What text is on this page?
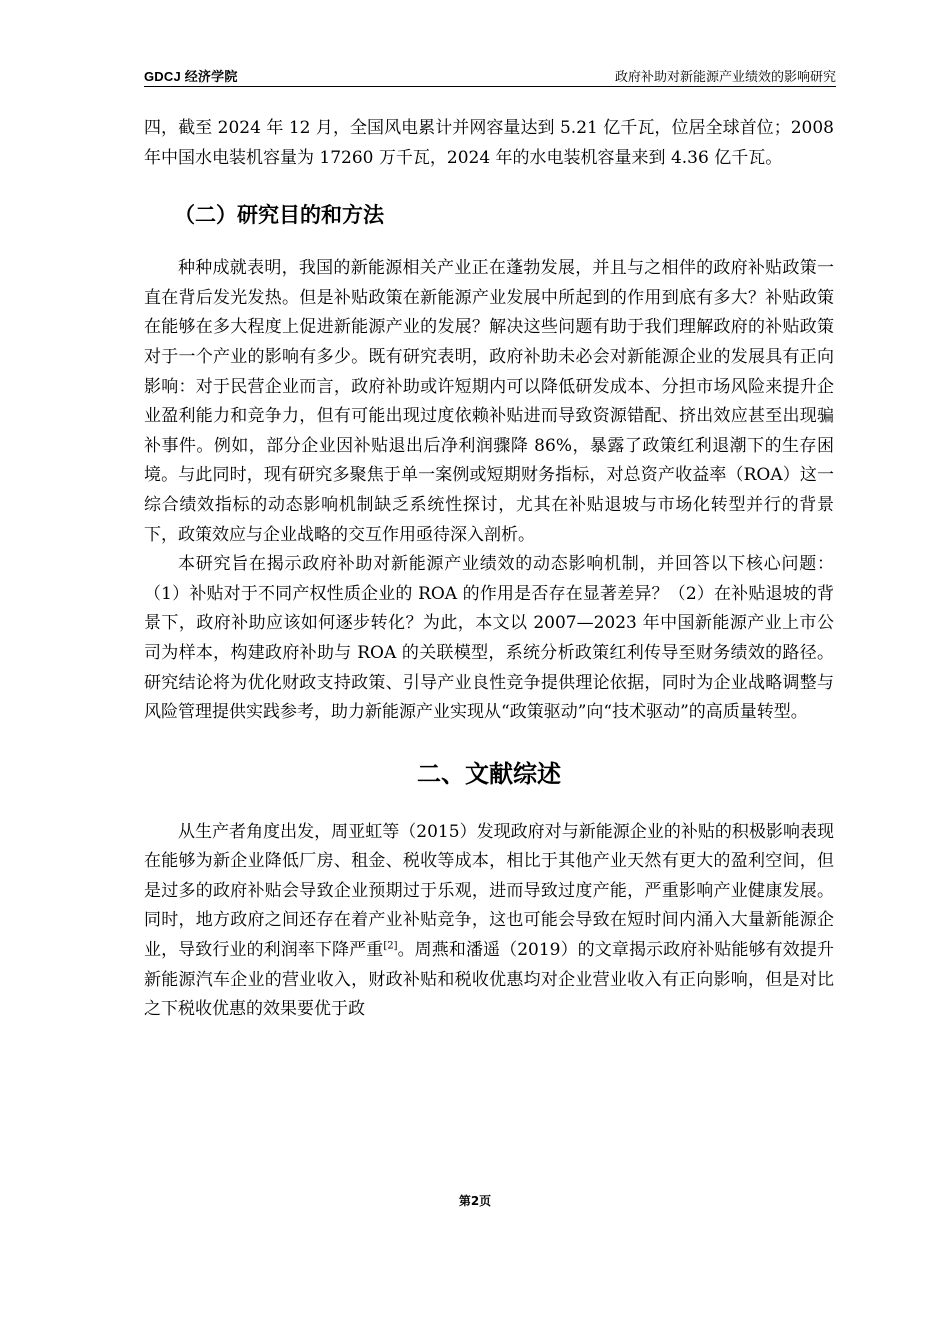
GDCJ 经济学院	政府补助对新能源产业绩效的影响研究

四，截至 2024 年 12 月，全国风电累计并网容量达到 5.21 亿千瓦，位居全球首位；2008 年中国水电装机容量为 17260 万千瓦，2024 年的水电装机容量来到 4.36 亿千瓦。

（二）研究目的和方法

种种成就表明，我国的新能源相关产业正在蓬勃发展，并且与之相伴的政府补贴政策一直在背后发光发热。但是补贴政策在新能源产业发展中所起到的作用到底有多大？补贴政策在能够在多大程度上促进新能源产业的发展？解决这些问题有助于我们理解政府的补贴政策对于一个产业的影响有多少。既有研究表明，政府补助未必会对新能源企业的发展具有正向影响：对于民营企业而言，政府补助或许短期内可以降低研发成本、分担市场风险来提升企业盈利能力和竞争力，但有可能出现过度依赖补贴进而导致资源错配、挤出效应甚至出现骗补事件。例如，部分企业因补贴退出后净利润骤降 86%，暴露了政策红利退潮下的生存困境。与此同时，现有研究多聚焦于单一案例或短期财务指标，对总资产收益率（ROA）这一综合绩效指标的动态影响机制缺乏系统性探讨，尤其在补贴退坡与市场化转型并行的背景下，政策效应与企业战略的交互作用亟待深入剖析。

本研究旨在揭示政府补助对新能源产业绩效的动态影响机制，并回答以下核心问题：（1）补贴对于不同产权性质企业的 ROA 的作用是否存在显著差异？（2）在补贴退坡的背景下，政府补助应该如何逐步转化？为此，本文以 2007—2023 年中国新能源产业上市公司为样本，构建政府补助与 ROA 的关联模型，系统分析政策红利传导至财务绩效的路径。研究结论将为优化财政支持政策、引导产业良性竞争提供理论依据，同时为企业战略调整与风险管理提供实践参考，助力新能源产业实现从“政策驱动”向“技术驱动”的高质量转型。

二、文献综述

从生产者角度出发，周亚虹等（2015）发现政府对与新能源企业的补贴的积极影响表现在能够为新企业降低厂房、租金、税收等成本，相比于其他产业天然有更大的盈利空间，但是过多的政府补贴会导致企业预期过于乐观，进而导致过度产能，严重影响产业健康发展。同时，地方政府之间还存在着产业补贴竞争，这也可能会导致在短时间内涌入大量新能源企业，导致行业的利润率下降严重[2]。周燕和潘遥（2019）的文章揭示政府补贴能够有效提升新能源汽车企业的营业收入，财政补贴和税收优惠均对企业营业收入有正向影响，但是对比之下税收优惠的效果要优于政

第2页
